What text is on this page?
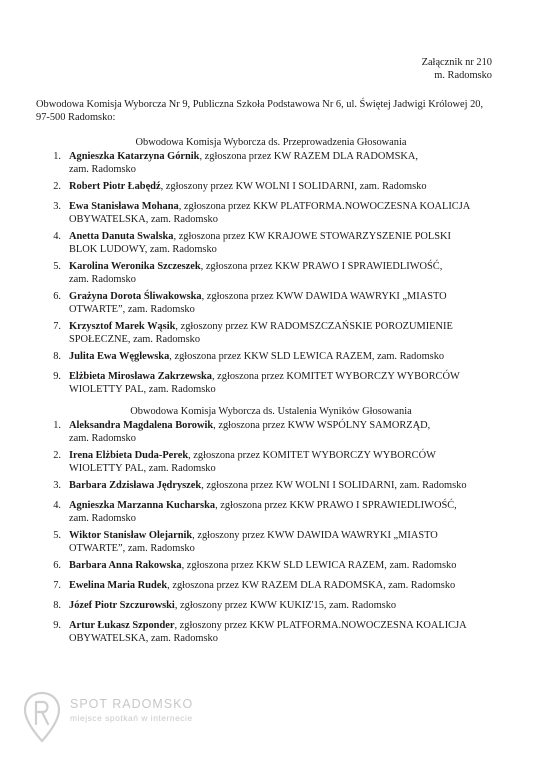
Załącznik nr 210
m. Radomsko
Obwodowa Komisja Wyborcza Nr 9, Publiczna Szkoła Podstawowa Nr 6, ul. Świętej Jadwigi Królowej 20,
97-500 Radomsko:
Obwodowa Komisja Wyborcza ds. Przeprowadzenia Głosowania
1. Agnieszka Katarzyna Górnik, zgłoszona przez KW RAZEM DLA RADOMSKA,
zam. Radomsko
2. Robert Piotr Łabędź, zgłoszony przez KW WOLNI I SOLIDARNI, zam. Radomsko
3. Ewa Stanisława Mohana, zgłoszona przez KKW PLATFORMA.NOWOCZESNA KOALICJA
OBYWATELSKA, zam. Radomsko
4. Anetta Danuta Swalska, zgłoszona przez KW KRAJOWE STOWARZYSZENIE POLSKI
BLOK LUDOWY, zam. Radomsko
5. Karolina Weronika Szczeszek, zgłoszona przez KKW PRAWO I SPRAWIEDLIWOŚĆ,
zam. Radomsko
6. Grażyna Dorota Śliwakowska, zgłoszona przez KWW DAWIDA WAWRYKI „MIASTO
OTWARTE”, zam. Radomsko
7. Krzysztof Marek Wąsik, zgłoszony przez KW RADOMSZCZAŃSKIE POROZUMIENIE
SPOŁECZNE, zam. Radomsko
8. Julita Ewa Węglewska, zgłoszona przez KKW SLD LEWICA RAZEM, zam. Radomsko
9. Elżbieta Mirosława Zakrzewska, zgłoszona przez KOMITET WYBORCZY WYBORCÓW
WIOLETTY PAL, zam. Radomsko
Obwodowa Komisja Wyborcza ds. Ustalenia Wyników Głosowania
1. Aleksandra Magdalena Borowik, zgłoszona przez KWW WSPÓLNY SAMORZĄD,
zam. Radomsko
2. Irena Elżbieta Duda-Perek, zgłoszona przez KOMITET WYBORCZY WYBORCÓW
WIOLETTY PAL, zam. Radomsko
3. Barbara Zdzisława Jędryszek, zgłoszona przez KW WOLNI I SOLIDARNI, zam. Radomsko
4. Agnieszka Marzanna Kucharska, zgłoszona przez KKW PRAWO I SPRAWIEDLIWOŚĆ,
zam. Radomsko
5. Wiktor Stanisław Olejarnik, zgłoszony przez KWW DAWIDA WAWRYKI „MIASTO
OTWARTE”, zam. Radomsko
6. Barbara Anna Rakowska, zgłoszona przez KKW SLD LEWICA RAZEM, zam. Radomsko
7. Ewelina Maria Rudek, zgłoszona przez KW RAZEM DLA RADOMSKA, zam. Radomsko
8. Józef Piotr Szczurowski, zgłoszony przez KWW KUKIZ'15, zam. Radomsko
9. Artur Łukasz Szponder, zgłoszony przez KKW PLATFORMA.NOWOCZESNA KOALICJA
OBYWATELSKA, zam. Radomsko
SPOT RADOMSKO
miejsce spotkań w internecie
